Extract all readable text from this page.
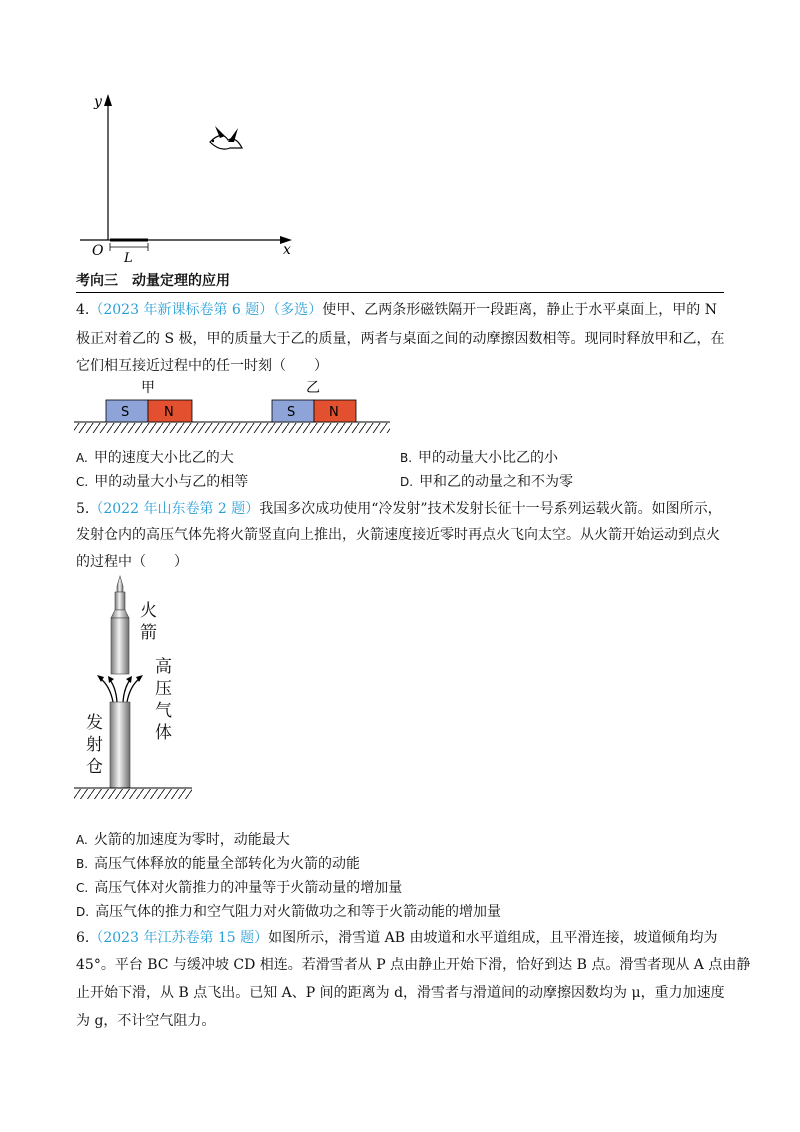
y
x
O L
考向三　动量定理的应用
4.（2023 年新课标卷第 6 题）（多选）使甲、乙两条形磁铁隔开一段距离，静止于水平桌面上，甲的 N
极正对着乙的 S 极，甲的质量大于乙的质量，两者与桌面之间的动摩擦因数相等。现同时释放甲和乙，在
它们相互接近过程中的任一时刻（　　）
S	N	S	N
甲	乙
A. 甲的速度大小比乙的大	B. 甲的动量大小比乙的小
C. 甲的动量大小与乙的相等	D. 甲和乙的动量之和不为零
5.（2022 年山东卷第 2 题）我国多次成功使用“冷发射”技术发射长征十一号系列运载火箭。如图所示，
发射仓内的高压气体先将火箭竖直向上推出，火箭速度接近零时再点火飞向太空。从火箭开始运动到点火
的过程中（　　）
火
箭
高
压
气
体
发
射
仓
A. 火箭的加速度为零时，动能最大
B. 高压气体释放的能量全部转化为火箭的动能
C. 高压气体对火箭推力的冲量等于火箭动量的增加量
D. 高压气体的推力和空气阻力对火箭做功之和等于火箭动能的增加量
6.（2023 年江苏卷第 15 题）如图所示，滑雪道 AB 由坡道和水平道组成，且平滑连接，坡道倾角均为
45°。平台 BC 与缓冲坡 CD 相连。若滑雪者从 P 点由静止开始下滑，恰好到达 B 点。滑雪者现从 A 点由静
止开始下滑，从 B 点飞出。已知 A、P 间的距离为 d，滑雪者与滑道间的动摩擦因数均为 μ，重力加速度
为 g，不计空气阻力。
